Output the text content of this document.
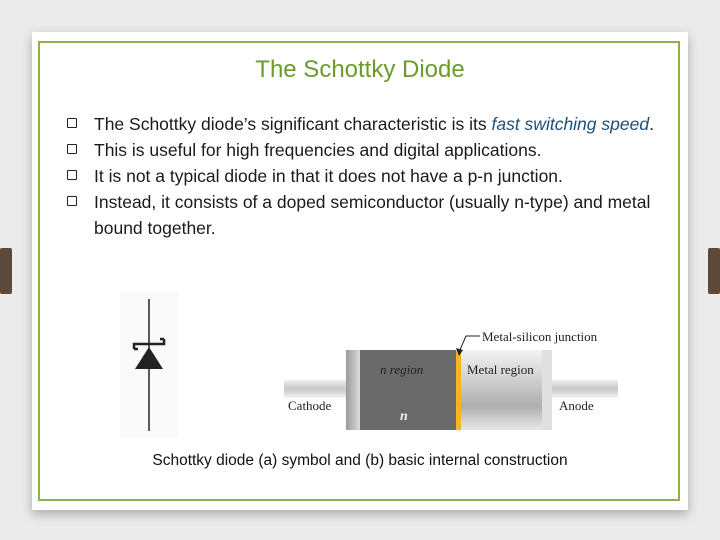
The Schottky Diode
The Schottky diode’s significant characteristic is its fast switching speed.
This is useful for high frequencies and digital applications.
It is not a typical diode in that it does not have a p-n junction.
Instead, it consists of a doped semiconductor (usually n-type) and metal bound together.
Cathode	Anode
n region	Metal region
Metal-silicon junction
n
Schottky diode (a) symbol and (b) basic internal construction
